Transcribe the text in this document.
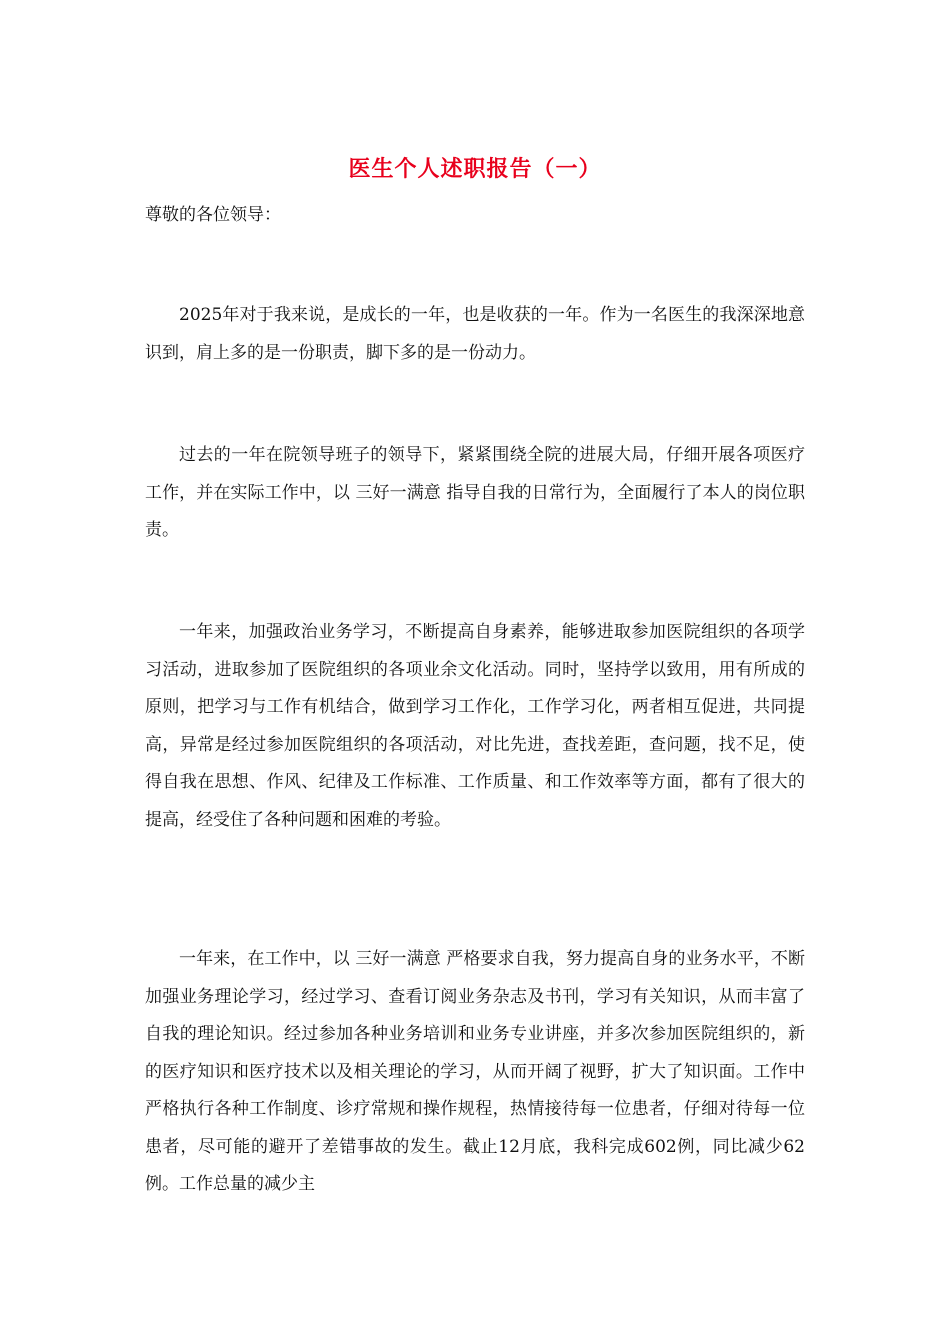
医生个人述职报告（一）
尊敬的各位领导：

2025年对于我来说，是成长的一年，也是收获的一年。作为一名医生的我深深地意识到，肩上多的是一份职责，脚下多的是一份动力。

过去的一年在院领导班子的领导下，紧紧围绕全院的进展大局，仔细开展各项医疗工作，并在实际工作中，以 三好一满意 指导自我的日常行为，全面履行了本人的岗位职责。

一年来，加强政治业务学习，不断提高自身素养，能够进取参加医院组织的各项学习活动，进取参加了医院组织的各项业余文化活动。同时，坚持学以致用，用有所成的原则，把学习与工作有机结合，做到学习工作化，工作学习化，两者相互促进，共同提高，异常是经过参加医院组织的各项活动，对比先进，查找差距，查问题，找不足，使得自我在思想、作风、纪律及工作标准、工作质量、和工作效率等方面，都有了很大的提高，经受住了各种问题和困难的考验。

一年来，在工作中，以 三好一满意 严格要求自我，努力提高自身的业务水平，不断加强业务理论学习，经过学习、查看订阅业务杂志及书刊，学习有关知识，从而丰富了自我的理论知识。经过参加各种业务培训和业务专业讲座，并多次参加医院组织的，新的医疗知识和医疗技术以及相关理论的学习，从而开阔了视野，扩大了知识面。工作中严格执行各种工作制度、诊疗常规和操作规程，热情接待每一位患者，仔细对待每一位患者，尽可能的避开了差错事故的发生。截止12月底，我科完成602例，同比减少62例。工作总量的减少主
